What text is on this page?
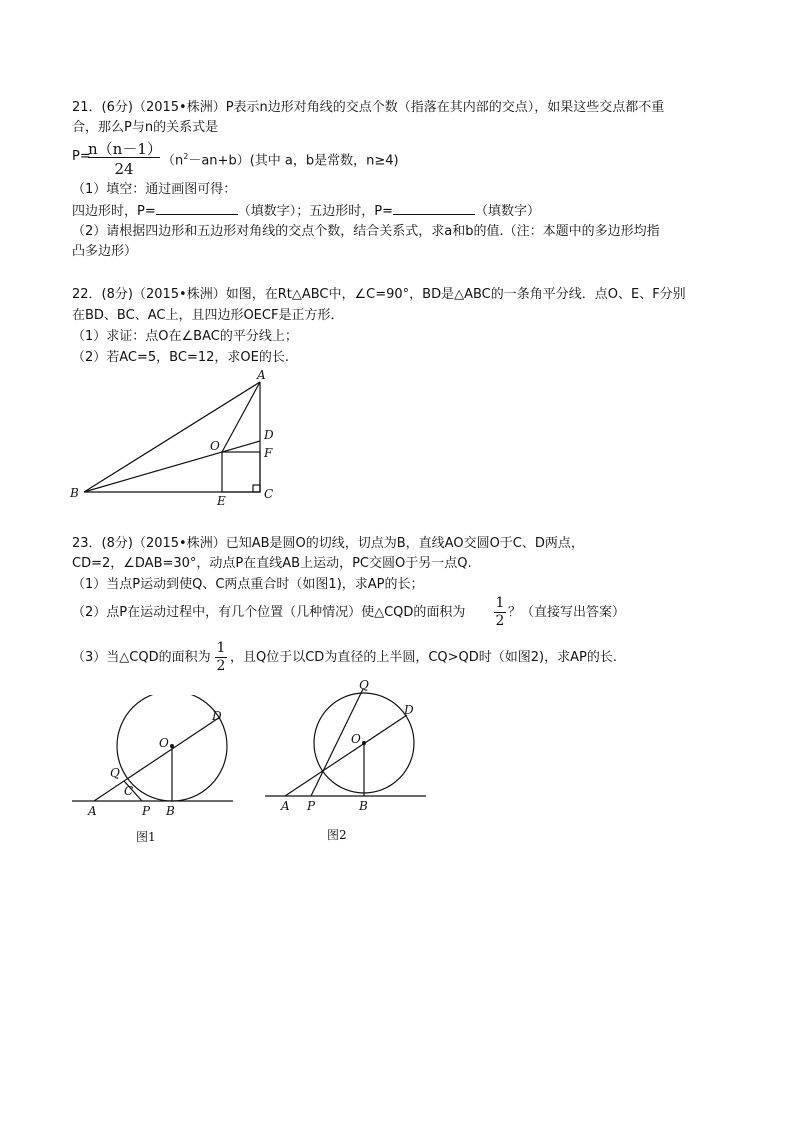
21．(6分)（2015•株洲）P表示n边形对角线的交点个数（指落在其内部的交点），如果这些交点都不重
合，那么P与n的关系式是
P=
n（n－1）
24	$(n^2-an+b)$(其中 a，b是常数，n≥4)
（1）填空：通过画图可得：
四边形时，P=	（填数字）；五边形时，P=	（填数字）
（2）请根据四边形和五边形对角线的交点个数，结合关系式，求a和b的值.（注：本题中的多边形均指
凸多边形）
22．(8分)（2015•株洲）如图，在Rt△ABC中，∠C=90°，BD是△ABC的一条角平分线．点O、E、F分别
在BD、BC、AC上，且四边形OECF是正方形．
（1）求证：点O在∠BAC的平分线上；
（2）若AC=5，BC=12，求OE的长.
A
B	C
D
E
F
O
23．(8分)（2015•株洲）已知AB是圆O的切线，切点为B，直线AO交圆O于C、D两点，
CD=2，∠DAB=30°，动点P在直线AB上运动，PC交圆O于另一点Q.
（1）当点P运动到使Q、C两点重合时（如图1)，求AP的长；
（2）点P在运动过程中，有几个位置（几种情况）使△CQD的面积为
1
2
？（直接写出答案）
（3）当△CQD的面积为
1
2
，且Q位于以CD为直径的上半圆，CQ>QD时（如图2)，求AP的长.
D
O
Q
C
A	P B
图1
Q
D
O
A P	B
图2
